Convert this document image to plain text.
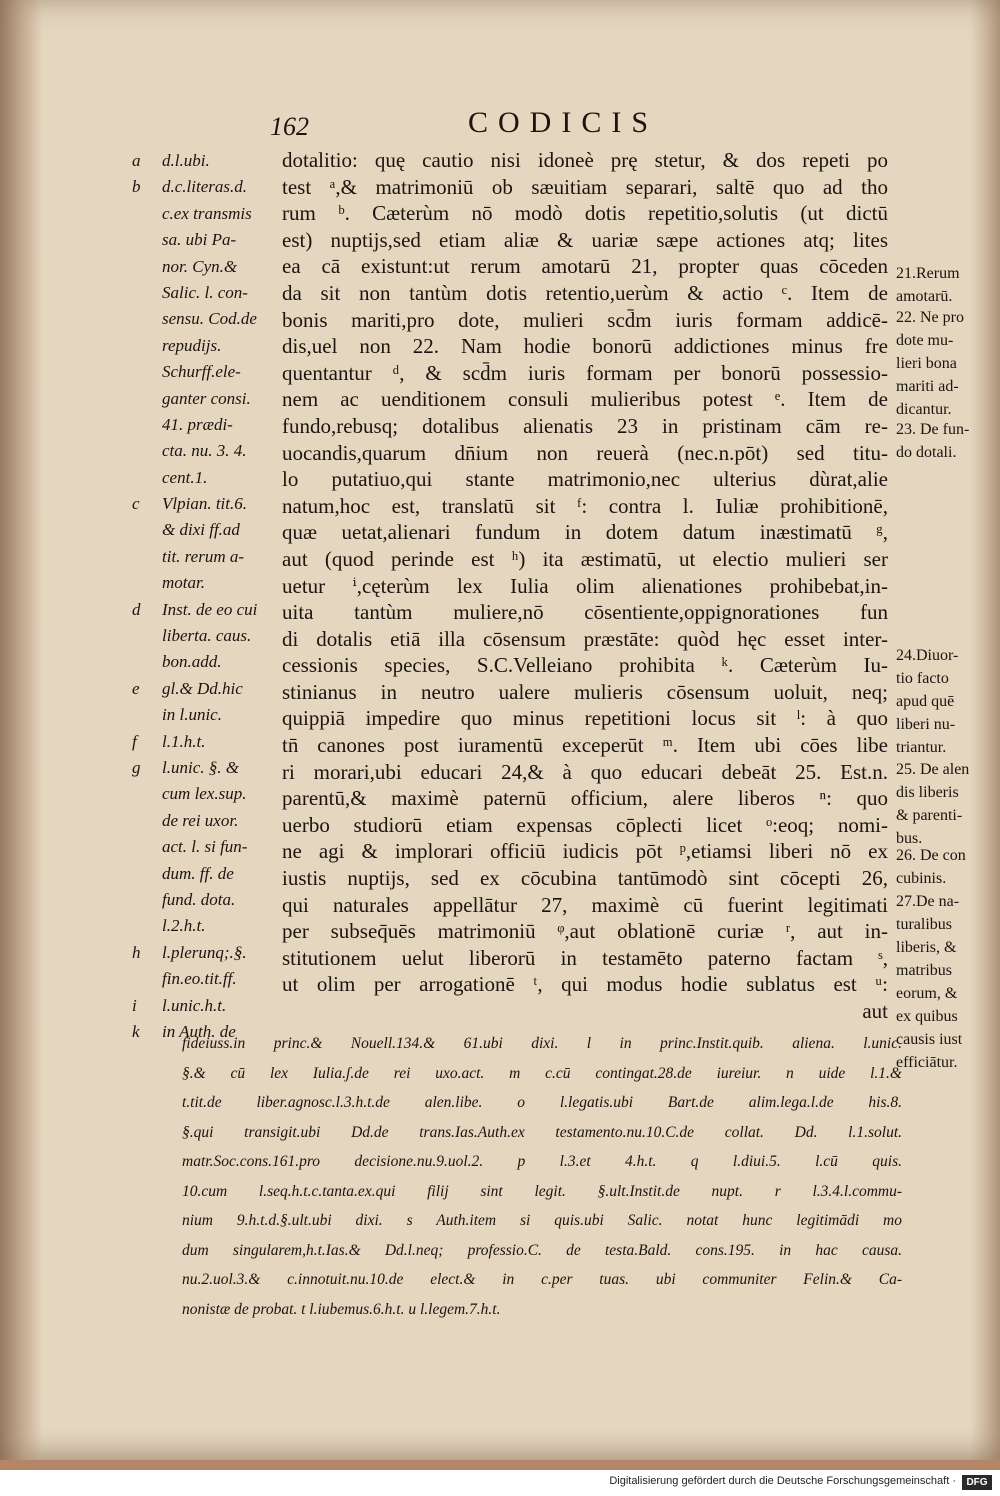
162	CODICIS
a d.l.ubi.
b d.c.literas.d.
c.ex transmis
sa. ubi Pa-
nor. Cyn.&
Salic. l. con-
sensu. Cod.de
repudijs.
Schurff.ele-
ganter consi.
41. prædi-
cta. nu. 3. 4.
cent.1.
c Vlpian. tit.6.
& dixi ff.ad
tit. rerum a-
motar.
d Inst. de eo cui
liberta. caus.
bon.add.
e gl.& Dd.hic
in l.unic.
f l.1.h.t.
g l.unic. §. &
cum lex.sup.
de rei uxor.
act. l. si fun-
dum. ff. de
fund. dota.
l.2.h.t.
h l.plerunq;.§.
fin.eo.tit.ff.
i l.unic.h.t.
k in Auth. de
dotalitio: quę cautio nisi idoneè prę stetur, & dos repeti po
test ᵃ,& matrimoniū ob sæuitiam separari, saltē quo ad tho
rum ᵇ. Cæterùm nō modò dotis repetitio,solutis (ut dictū
est) nuptijs,sed etiam aliæ & uariæ sæpe actiones atq; lites
ea cā existunt:ut rerum amotarū 21, propter quas cōceden
da sit non tantùm dotis retentio,uerùm & actio ᶜ. Item de
bonis mariti,pro dote, mulieri scd̄m iuris formam addicē-
dis,uel non 22. Nam hodie bonorū addictiones minus fre
quentantur ᵈ, & scd̄m iuris formam per bonorū possessio-
nem ac uenditionem consuli mulieribus potest ᵉ. Item de
fundo,rebusq; dotalibus alienatis 23 in pristinam cām re-
uocandis,quarum dn̄ium non reuerà (nec.n.pōt) sed titu-
lo putatiuo,qui stante matrimonio,nec ulterius dùrat,alie
natum,hoc est, translatū sit ᶠ: contra l. Iuliæ prohibitionē,
quæ uetat,alienari fundum in dotem datum inæstimatū ᵍ,
aut (quod perinde est ʰ) ita æstimatū, ut electio mulieri ser
uetur ⁱ,cęterùm lex Iulia olim alienationes prohibebat,in-
uita tantùm muliere,nō cōsentiente,oppignorationes fun
di dotalis etiā illa cōsensum præstāte: quòd hęc esset inter-
cessionis species, S.C.Velleiano prohibita ᵏ. Cæterùm Iu-
stinianus in neutro ualere mulieris cōsensum uoluit, neq;
quippiā impedire quo minus repetitioni locus sit ˡ: à quo
tn̄ canones post iuramentū exceperūt ᵐ. Item ubi cōes libe
ri morari,ubi educari 24,& à quo educari debeāt 25. Est.n.
parentū,& maximè paternū officium, alere liberos ⁿ: quo
uerbo studiorū etiam expensas cōplecti licet ᵒ:eoq; nomi-
ne agi & implorari officiū iudicis pōt ᵖ,etiamsi liberi nō ex
iustis nuptijs, sed ex cōcubina tantūmodò sint cōcepti 26,
qui naturales appellātur 27, maximè cū fuerint legitimati
per subseq̄uēs matrimoniū ᵠ,aut oblationē curiæ ʳ, aut in-
stitutionem uelut liberorū in testamēto paterno factam ˢ,
ut olim per arrogationē ᵗ, qui modus hodie sublatus est ᵘ:
aut
21.Rerum
amotarū.
22. Ne pro
dote mu-
lieri bona
mariti ad-
dicantur.
23. De fun-
do dotali.
24.Diuor-
tio facto
apud quē
liberi nu-
triantur.
25. De alen
dis liberis
& parenti-
bus.
26. De con
cubinis.
27.De na-
turalibus
liberis, &
matribus
eorum, &
ex quibus
causis iust
efficiātur.
fideiuss.in princ.& Nouell.134.& 61.ubi dixi. l in princ.Instit.quib. aliena. l.unic.
§.& cū lex Iulia.ʃ.de rei uxo.act. m c.cū contingat.28.de iureiur. n uide l.1.&
t.tit.de liber.agnosc.l.3.h.t.de alen.libe. o l.legatis.ubi Bart.de alim.lega.l.de his.8.
§.qui transigit.ubi Dd.de trans.Ias.Auth.ex testamento.nu.10.C.de collat. Dd. l.1.solut.
matr.Soc.cons.161.pro decisione.nu.9.uol.2. p l.3.et 4.h.t. q l.diui.5. l.cū quis.
10.cum l.seq.h.t.c.tanta.ex.qui filij sint legit. §.ult.Instit.de nupt. r l.3.4.l.commu-
nium 9.h.t.d.§.ult.ubi dixi. s Auth.item si quis.ubi Salic. notat hunc legitimādi mo
dum singularem,h.t.Ias.& Dd.l.neq; professio.C. de testa.Bald. cons.195. in hac causa.
nu.2.uol.3.& c.innotuit.nu.10.de elect.& in c.per tuas. ubi communiter Felin.& Ca-
nonistæ de probat. t l.iubemus.6.h.t. u l.legem.7.h.t.
Digitalisierung gefördert durch die Deutsche Forschungsgemeinschaft ·	DFG
